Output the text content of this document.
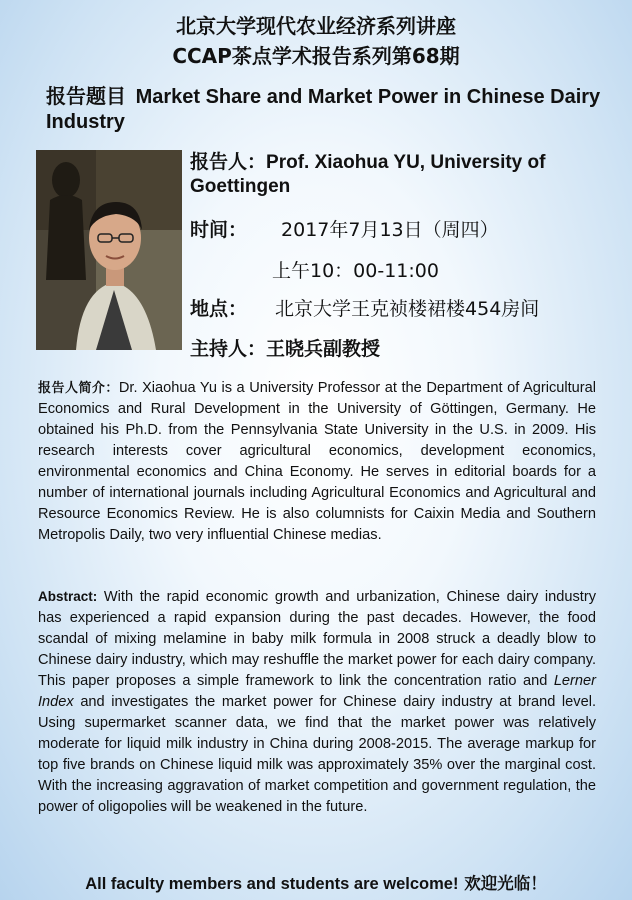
北京大学现代农业经济系列讲座
CCAP茶点学术报告系列第68期
报告题目 Market Share and Market Power in Chinese Dairy Industry
报告人：Prof. Xiaohua YU, University of Goettingen
时间： 2017年7月13日（周四）
上午10：00-11:00
地点： 北京大学王克祯楼裙楼454房间
主持人：王晓兵副教授
报告人简介：Dr. Xiaohua Yu is a University Professor at the Department of Agricultural Economics and Rural Development in the University of Göttingen, Germany. He obtained his Ph.D. from the Pennsylvania State University in the U.S. in 2009. His research interests cover agricultural economics, development economics, environmental economics and China Economy. He serves in editorial boards for a number of international journals including Agricultural Economics and Agricultural and Resource Economics Review. He is also columnists for Caixin Media and Southern Metropolis Daily, two very influential Chinese medias.
Abstract: With the rapid economic growth and urbanization, Chinese dairy industry has experienced a rapid expansion during the past decades. However, the food scandal of mixing melamine in baby milk formula in 2008 struck a deadly blow to Chinese dairy industry, which may reshuffle the market power for each dairy company. This paper proposes a simple framework to link the concentration ratio and Lerner Index and investigates the market power for Chinese dairy industry at brand level. Using supermarket scanner data, we find that the market power was relatively moderate for liquid milk industry in China during 2008-2015. The average markup for top five brands on Chinese liquid milk was approximately 35% over the marginal cost. With the increasing aggravation of market competition and government regulation, the power of oligopolies will be weakened in the future.
All faculty members and students are welcome! 欢迎光临！
